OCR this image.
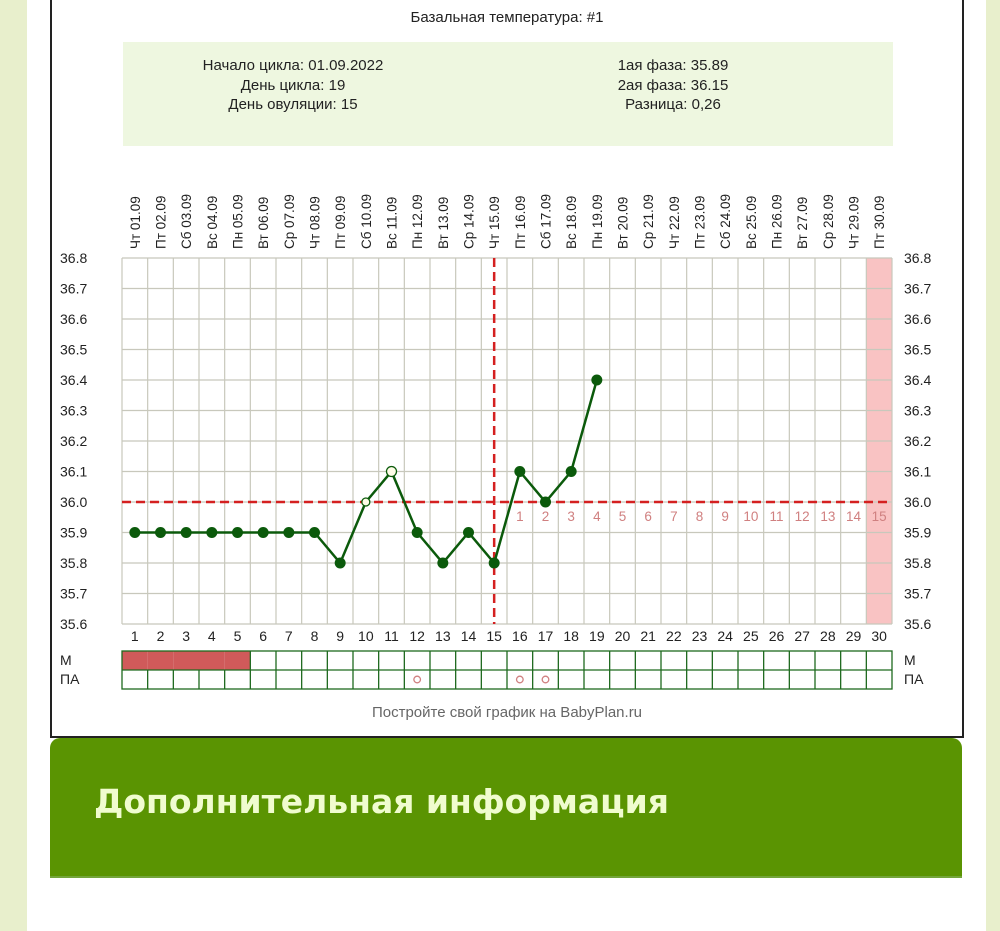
Базальная температура: #1
Начало цикла: 01.09.2022
День цикла: 19
День овуляции: 15
1ая фаза: 35.89
2ая фаза: 36.15
Разница: 0,26
36.8	36.8
36.7	36.7
36.6	36.6
36.5	36.5
36.4	36.4
36.3	36.3
36.2	36.2
36.1	36.1
36.0	36.0
35.9	35.9
35.8	35.8
35.7	35.7
35.6	35.6
Чт 01.09 Пт 02.09 Сб 03.09 Вс 04.09 Пн 05.09 Вт 06.09 Ср 07.09 Чт 08.09 Пт 09.09 Сб 10.09 Вс 11.09 Пн 12.09 Вт 13.09 Ср 14.09 Чт 15.09 Пт 16.09 Сб 17.09 Вс 18.09 Пн 19.09 Вт 20.09 Ср 21.09 Чт 22.09 Пт 23.09 Сб 24.09 Вс 25.09 Пн 26.09 Вт 27.09 Ср 28.09 Чт 29.09 Пт 30.09
1 2 3 4 5 6 7 8 9 10 11 12 13 14 15 16 17 18 19 20 21 22 23 24 25 26 27 28 29 30
1 2 3 4 5 6 7 8 9 10 11 12 13 14 15
М
ПА
М
ПА
Постройте свой график на BabyPlan.ru
Дополнительная информация
